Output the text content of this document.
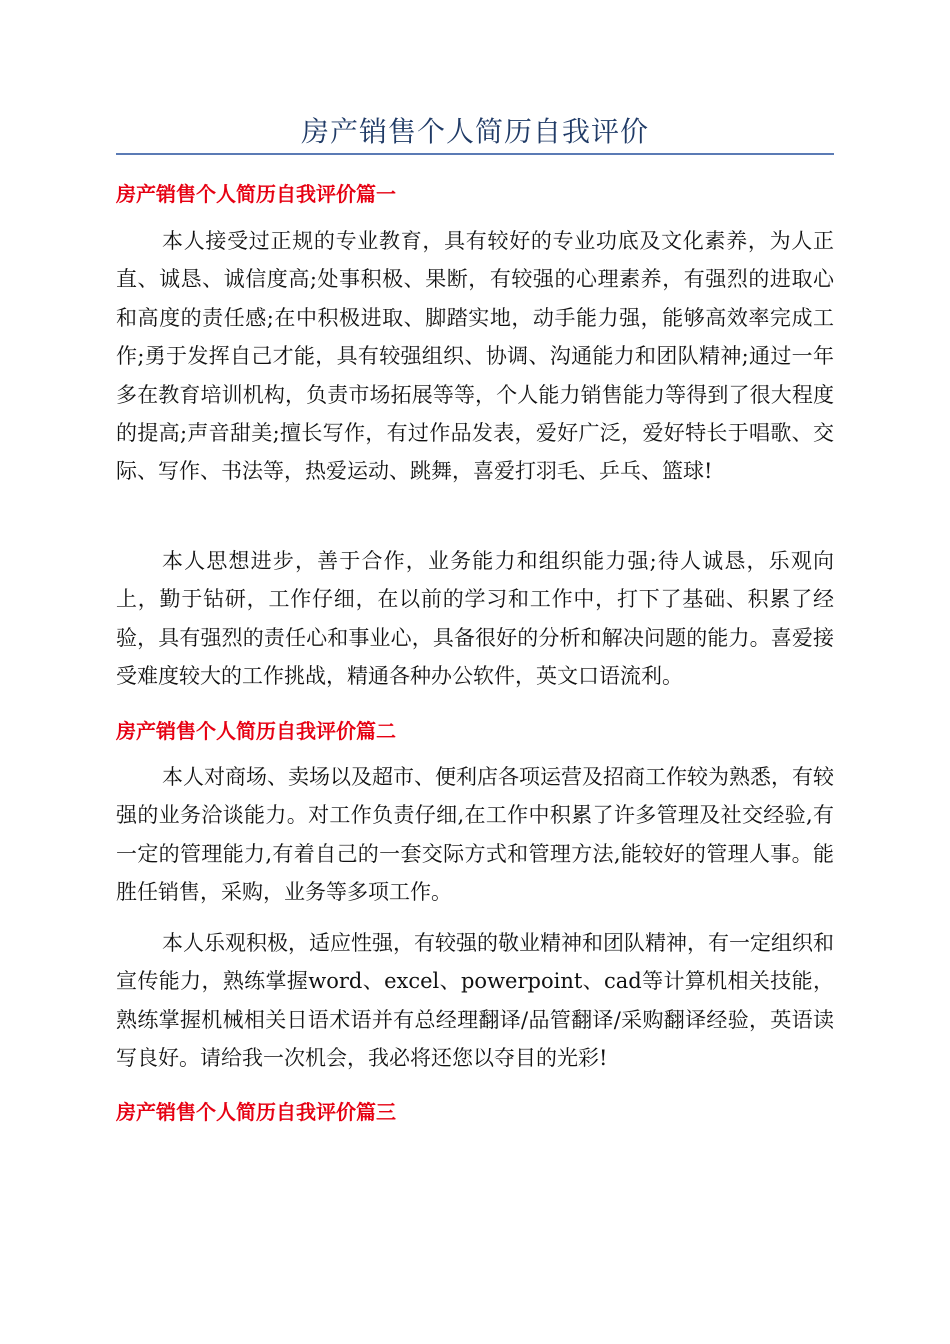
房产销售个人简历自我评价
房产销售个人简历自我评价篇一

本人接受过正规的专业教育，具有较好的专业功底及文化素养，为人正直、诚恳、诚信度高;处事积极、果断，有较强的心理素养，有强烈的进取心和高度的责任感;在中积极进取、脚踏实地，动手能力强，能够高效率完成工作;勇于发挥自己才能，具有较强组织、协调、沟通能力和团队精神;通过一年多在教育培训机构，负责市场拓展等等，个人能力销售能力等得到了很大程度的提高;声音甜美;擅长写作，有过作品发表，爱好广泛，爱好特长于唱歌、交际、写作、书法等，热爱运动、跳舞，喜爱打羽毛、乒乓、篮球!

本人思想进步，善于合作，业务能力和组织能力强;待人诚恳，乐观向上，勤于钻研，工作仔细，在以前的学习和工作中，打下了基础、积累了经验，具有强烈的责任心和事业心，具备很好的分析和解决问题的能力。喜爱接受难度较大的工作挑战，精通各种办公软件，英文口语流利。

房产销售个人简历自我评价篇二

本人对商场、卖场以及超市、便利店各项运营及招商工作较为熟悉，有较强的业务洽谈能力。对工作负责仔细,在工作中积累了许多管理及社交经验,有一定的管理能力,有着自己的一套交际方式和管理方法,能较好的管理人事。能胜任销售，采购，业务等多项工作。

本人乐观积极，适应性强，有较强的敬业精神和团队精神，有一定组织和宣传能力，熟练掌握word、excel、powerpoint、cad等计算机相关技能，熟练掌握机械相关日语术语并有总经理翻译/品管翻译/采购翻译经验，英语读写良好。请给我一次机会，我必将还您以夺目的光彩!

房产销售个人简历自我评价篇三
